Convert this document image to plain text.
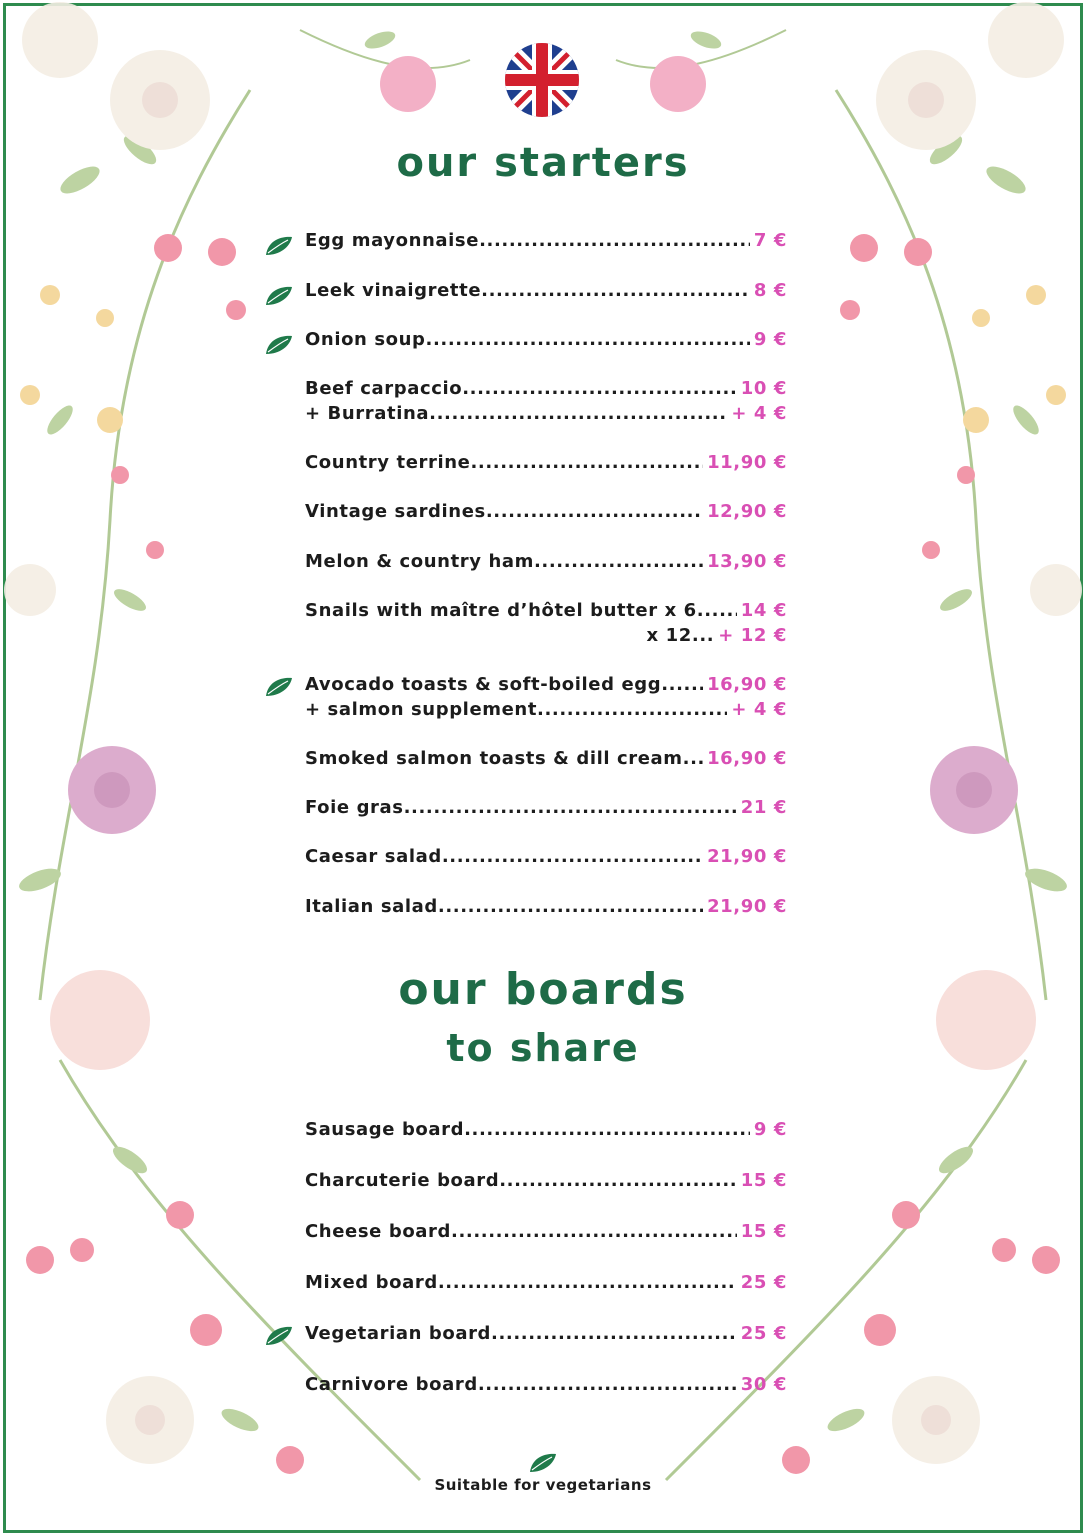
our starters
Egg mayonnaise .....	7 €
Leek vinaigrette .....	8 €
Onion soup .....	9 €
Beef carpaccio .....	10 €
+ Burratina .....	+ 4 €
Country terrine .....	11,90 €
Vintage sardines .....	12,90 €
Melon & country ham .....	13,90 €
Snails with maître d’hôtel butter x 6 ..... 14 €
x 12 ... + 12 €
Avocado toasts & soft-boiled egg .....	16,90 €
+ salmon supplement .....	+ 4 €
Smoked salmon toasts & dill cream ..... 16,90 €
Foie gras .....	21 €
Caesar salad .....	21,90 €
Italian salad .....	21,90 €
our boards
to share
Sausage board .....	9 €
Charcuterie board .....	15 €
Cheese board .....	15 €
Mixed board .....	25 €
Vegetarian board .....	25 €
Carnivore board .....	30 €
Suitable for vegetarians
